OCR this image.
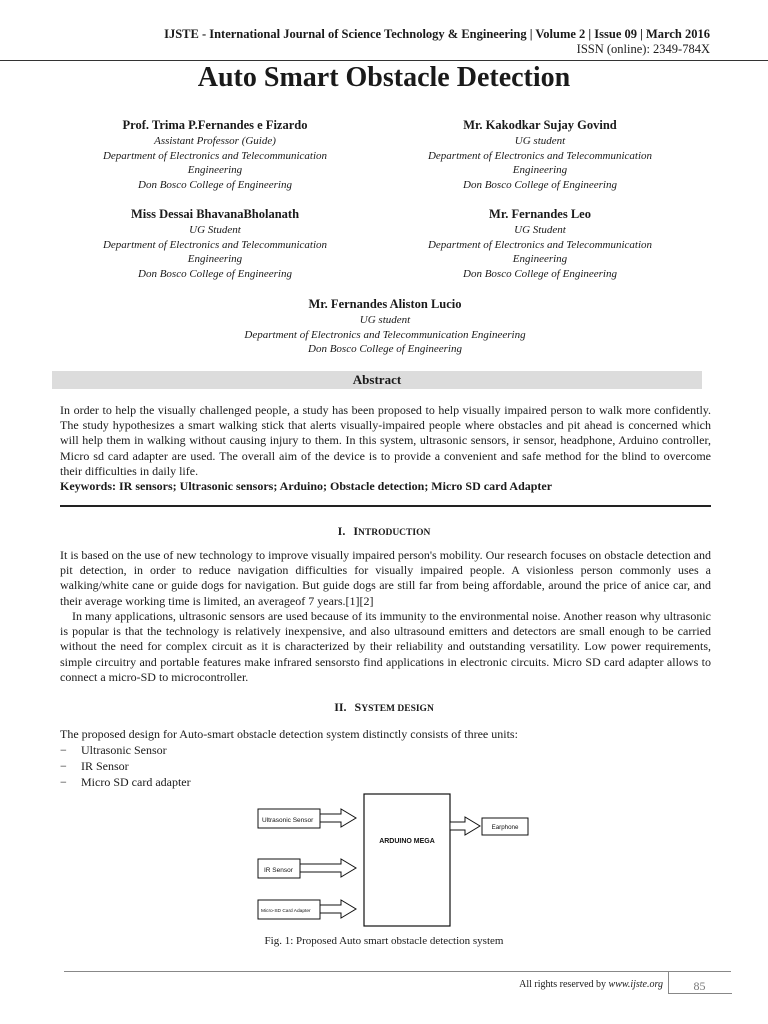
IJSTE - International Journal of Science Technology & Engineering | Volume 2 | Issue 09 | March 2016
ISSN (online): 2349-784X
Auto Smart Obstacle Detection
Prof. Trima P.Fernandes e Fizardo
Assistant Professor (Guide)
Department of Electronics and Telecommunication
Engineering
Don Bosco College of Engineering
Mr. Kakodkar Sujay Govind
UG student
Department of Electronics and Telecommunication
Engineering
Don Bosco College of Engineering
Miss Dessai BhavanaBholanath
UG Student
Department of Electronics and Telecommunication
Engineering
Don Bosco College of Engineering
Mr. Fernandes Leo
UG Student
Department of Electronics and Telecommunication
Engineering
Don Bosco College of Engineering
Mr. Fernandes Aliston Lucio
UG student
Department of Electronics and Telecommunication Engineering
Don Bosco College of Engineering
Abstract
In order to help the visually challenged people, a study has been proposed to help visually impaired person to walk more confidently. The study hypothesizes a smart walking stick that alerts visually-impaired people where obstacles and pit ahead is concerned which will help them in walking without causing injury to them. In this system, ultrasonic sensors, ir sensor, headphone, Arduino controller, Micro sd card adapter are used. The overall aim of the device is to provide a convenient and safe method for the blind to overcome their difficulties in daily life.
Keywords: IR sensors; Ultrasonic sensors; Arduino; Obstacle detection; Micro SD card Adapter
I. INTRODUCTION
It is based on the use of new technology to improve visually impaired person's mobility. Our research focuses on obstacle detection and pit detection, in order to reduce navigation difficulties for visually impaired people. A visionless person commonly uses a walking/white cane or guide dogs for navigation. But guide dogs are still far from being affordable, around the price of anice car, and their average working time is limited, an averageof 7 years.[1][2]
In many applications, ultrasonic sensors are used because of its immunity to the environmental noise. Another reason why ultrasonic is popular is that the technology is relatively inexpensive, and also ultrasound emitters and detectors are small enough to be carried without the need for complex circuit as it is characterized by their reliability and outstanding versatility. Low power requirements, simple circuitry and portable features make infrared sensorsto find applications in electronic circuits. Micro SD card adapter allows to connect a micro-SD to microcontroller.
II. SYSTEM DESIGN
The proposed design for Auto-smart obstacle detection system distinctly consists of three units:
− Ultrasonic Sensor
− IR Sensor
− Micro SD card adapter
Ultrasonic Sensor
IR Sensor
Micro-SD Card Adapter
ARDUINO MEGA
Earphone
Fig. 1: Proposed Auto smart obstacle detection system
All rights reserved by www.ijste.org	85
